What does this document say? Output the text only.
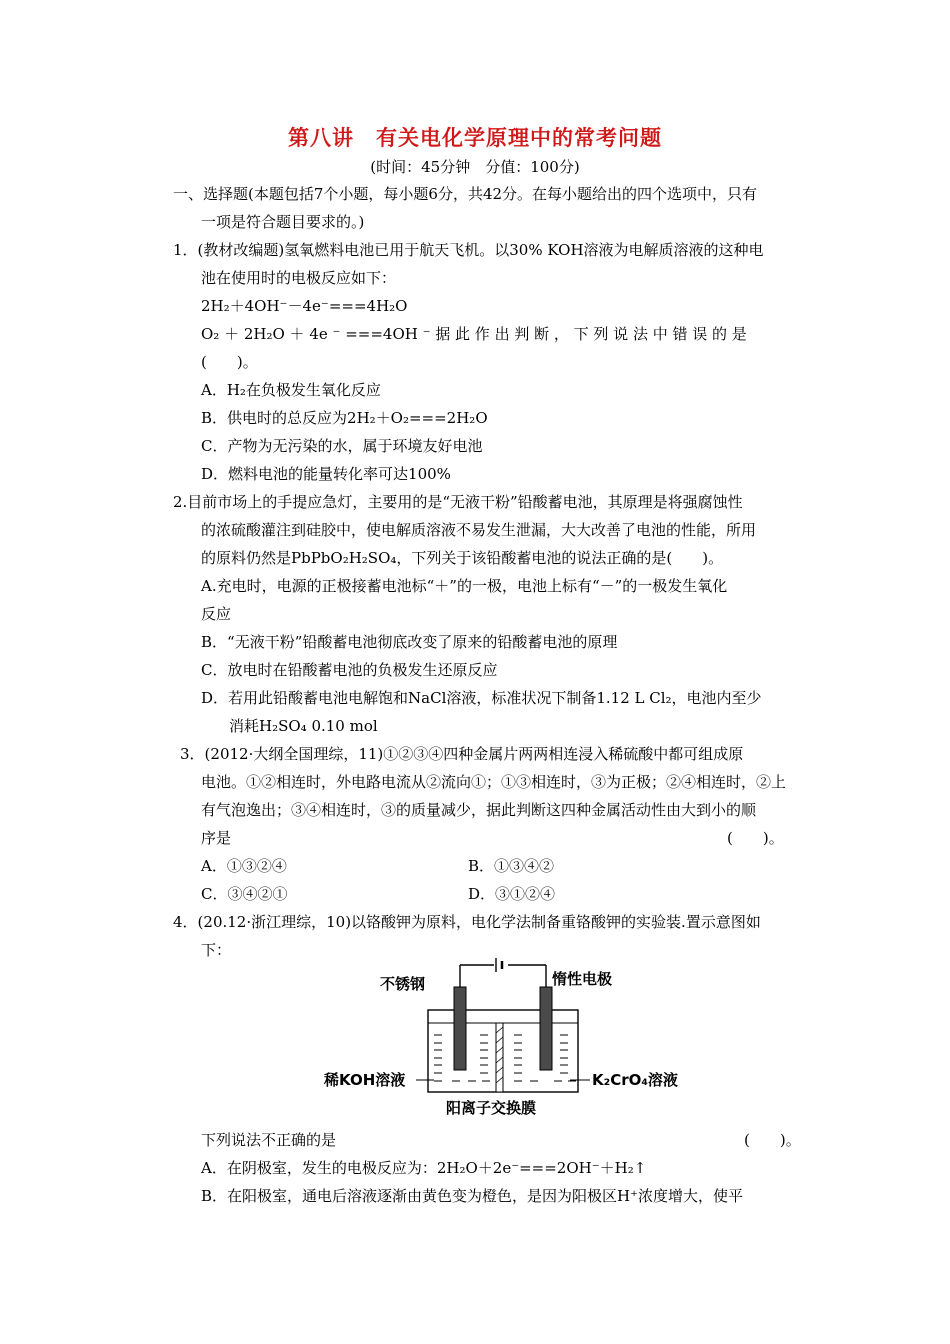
第八讲　有关电化学原理中的常考问题
(时间：45分钟　分值：100分)
一、选择题(本题包括7个小题，每小题6分，共42分。在每小题给出的四个选项中，只有
一项是符合题目要求的。)
1．(教材改编题)氢氧燃料电池已用于航天飞机。以30% KOH溶液为电解质溶液的这种电
池在使用时的电极反应如下：
2H₂＋4OH⁻－4e⁻===4H₂O
O₂ ＋ 2H₂O ＋ 4e ⁻ ===4OH ⁻ 据 此 作 出 判 断 ， 下 列 说 法 中 错 误 的 是
(　　)。
A．H₂在负极发生氧化反应
B．供电时的总反应为2H₂＋O₂===2H₂O
C．产物为无污染的水，属于环境友好电池
D．燃料电池的能量转化率可达100%
2.目前市场上的手提应急灯，主要用的是“无液干粉”铅酸蓄电池，其原理是将强腐蚀性
的浓硫酸灌注到硅胶中，使电解质溶液不易发生泄漏，大大改善了电池的性能，所用
的原料仍然是PbPbO₂H₂SO₄，下列关于该铅酸蓄电池的说法正确的是(　　)。
A.充电时，电源的正极接蓄电池标“＋”的一极，电池上标有“－”的一极发生氧化
反应
B．“无液干粉”铅酸蓄电池彻底改变了原来的铅酸蓄电池的原理
C．放电时在铅酸蓄电池的负极发生还原反应
D．若用此铅酸蓄电池电解饱和NaCl溶液，标准状况下制备1.12 L Cl₂，电池内至少
消耗H₂SO₄ 0.10 mol
3．(2012·大纲全国理综，11)①②③④四种金属片两两相连浸入稀硫酸中都可组成原
电池。①②相连时，外电路电流从②流向①；①③相连时，③为正极；②④相连时，②上
有气泡逸出；③④相连时，③的质量减少，据此判断这四种金属活动性由大到小的顺
序是	(　　)。
A．①③②④	B．①③④②
C．③④②①	D．③①②④
4．(20.12·浙江理综，10)以铬酸钾为原料，电化学法制备重铬酸钾的实验装.置示意图如
下：
不锈钢	惰性电极
稀KOH溶液	K₂CrO₄溶液
阳离子交换膜
下列说法不正确的是	(　　)。
A．在阴极室，发生的电极反应为：2H₂O＋2e⁻===2OH⁻＋H₂↑
B．在阳极室，通电后溶液逐渐由黄色变为橙色，是因为阳极区H⁺浓度增大，使平
